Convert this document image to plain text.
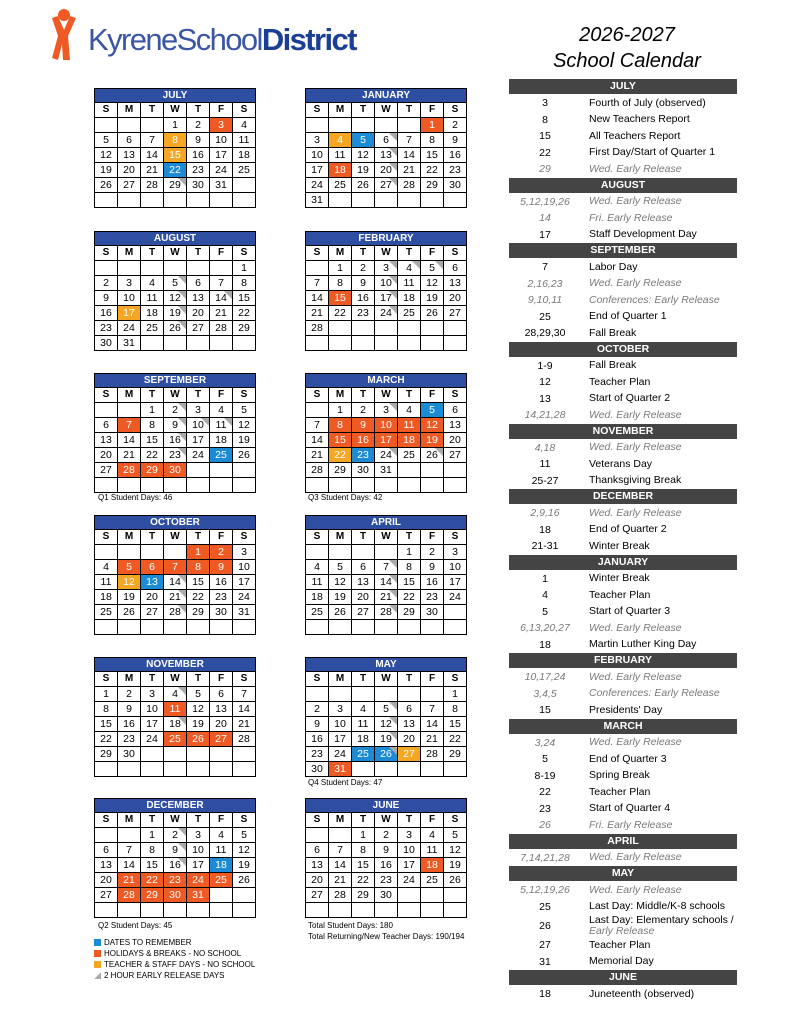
KyreneSchoolDistrict	2026-2027
School Calendar
JULY						
S	M	T	W	T	F	S
			1	2	3	4
5	6	7	8	9	10	11
12	13	14	15	16	17	18
19	20	21	22	23	24	25
26	27	28	29	30	31	

AUGUST						
S	M	T	W	T	F	S
						1
2	3	4	5	6	7	8
9	10	11	12	13	14	15
16	17	18	19	20	21	22
23	24	25	26	27	28	29
30	31					
SEPTEMBER						
S	M	T	W	T	F	S
		1	2	3	4	5
6	7	8	9	10	11	12
13	14	15	16	17	18	19
20	21	22	23	24	25	26
27	28	29	30			

OCTOBER						
S	M	T	W	T	F	S
				1	2	3
4	5	6	7	8	9	10
11	12	13	14	15	16	17
18	19	20	21	22	23	24
25	26	27	28	29	30	31

NOVEMBER						
S	M	T	W	T	F	S
1	2	3	4	5	6	7
8	9	10	11	12	13	14
15	16	17	18	19	20	21
22	23	24	25	26	27	28
29	30					

DECEMBER						
S	M	T	W	T	F	S
		1	2	3	4	5
6	7	8	9	10	11	12
13	14	15	16	17	18	19
20	21	22	23	24	25	26
27	28	29	30	31		

JANUARY						
S	M	T	W	T	F	S
					1	2
3	4	5	6	7	8	9
10	11	12	13	14	15	16
17	18	19	20	21	22	23
24	25	26	27	28	29	30
31						
FEBRUARY						
S	M	T	W	T	F	S
	1	2	3	4	5	6
7	8	9	10	11	12	13
14	15	16	17	18	19	20
21	22	23	24	25	26	27
28						

MARCH						
S	M	T	W	T	F	S
	1	2	3	4	5	6
7	8	9	10	11	12	13
14	15	16	17	18	19	20
21	22	23	24	25	26	27
28	29	30	31			

APRIL						
S	M	T	W	T	F	S
				1	2	3
4	5	6	7	8	9	10
11	12	13	14	15	16	17
18	19	20	21	22	23	24
25	26	27	28	29	30	

MAY						
S	M	T	W	T	F	S
						1
2	3	4	5	6	7	8
9	10	11	12	13	14	15
16	17	18	19	20	21	22
23	24	25	26	27	28	29
30	31					
JUNE						
S	M	T	W	T	F	S
		1	2	3	4	5
6	7	8	9	10	11	12
13	14	15	16	17	18	19
20	21	22	23	24	25	26
27	28	29	30			

Q1 Student Days: 46	Q3 Student Days: 42
Q4 Student Days: 47
Q2 Student Days: 45	Total Student Days: 180
Total Returning/New Teacher Days: 190/194
DATES TO REMEMBER
HOLIDAYS & BREAKS - NO SCHOOL
TEACHER & STAFF DAYS - NO SCHOOL
2 HOUR EARLY RELEASE DAYS
JULY
3	Fourth of July (observed)
8	New Teachers Report
15	All Teachers Report
22	First Day/Start of Quarter 1
29	Wed. Early Release
AUGUST
5,12,19,26	Wed. Early Release
14	Fri. Early Release
17	Staff Development Day
SEPTEMBER
7	Labor Day
2,16,23	Wed. Early Release
9,10,11	Conferences: Early Release
25	End of Quarter 1
28,29,30	Fall Break
OCTOBER
1-9	Fall Break
12	Teacher Plan
13	Start of Quarter 2
14,21,28	Wed. Early Release
NOVEMBER
4,18	Wed. Early Release
11	Veterans Day
25-27	Thanksgiving Break
DECEMBER
2,9,16	Wed. Early Release
18	End of Quarter 2
21-31	Winter Break
JANUARY
1	Winter Break
4	Teacher Plan
5	Start of Quarter 3
6,13,20,27	Wed. Early Release
18	Martin Luther King Day
FEBRUARY
10,17,24	Wed. Early Release
3,4,5	Conferences: Early Release
15	Presidents' Day
MARCH
3,24	Wed. Early Release
5	End of Quarter 3
8-19	Spring Break
22	Teacher Plan
23	Start of Quarter 4
26	Fri. Early Release
APRIL
7,14,21,28	Wed. Early Release
MAY
5,12,19,26	Wed. Early Release
25	Last Day: Middle/K-8 schools
26	Last Day: Elementary schools / Early Release
27	Teacher Plan
31	Memorial Day
JUNE
18	Juneteenth (observed)
